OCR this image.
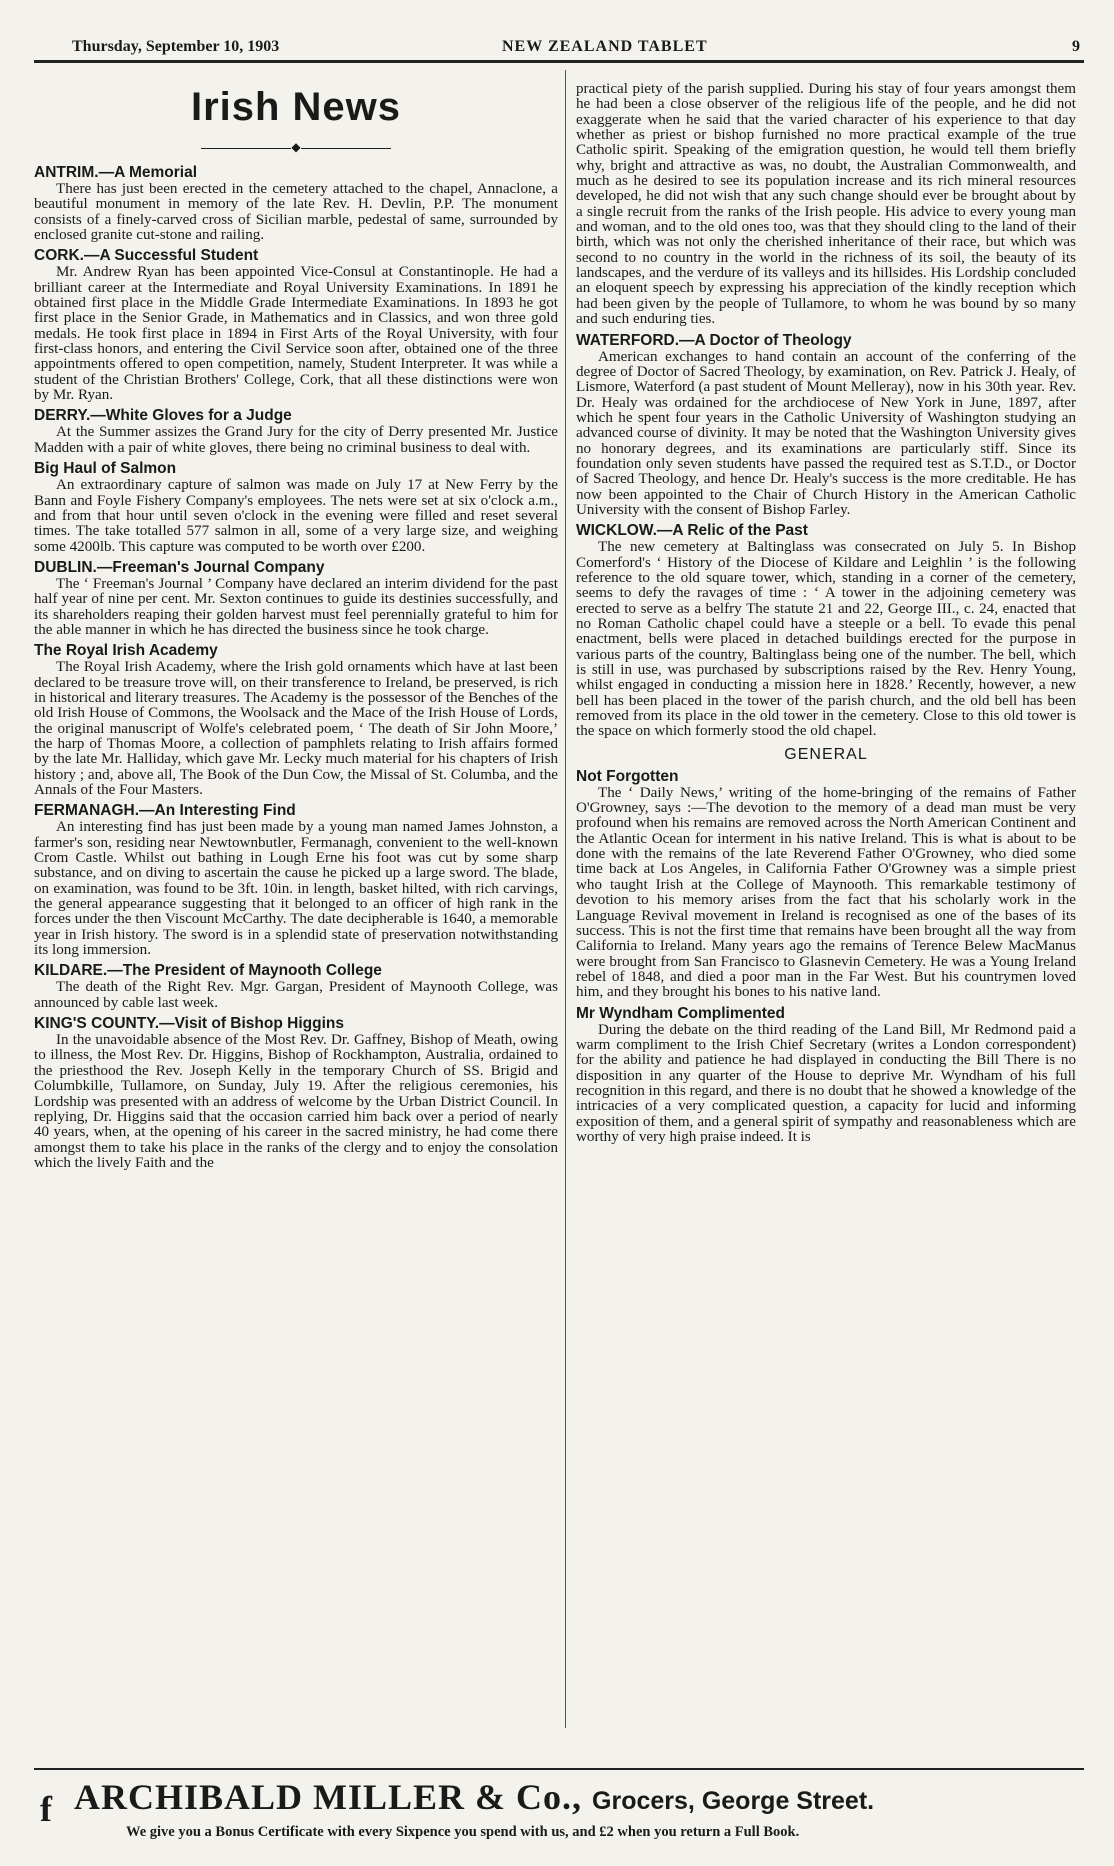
Thursday, September 10, 1903	NEW ZEALAND TABLET	9
Irish News
◆
ANTRIM.—A Memorial

There has just been erected in the cemetery attached to the chapel, Annaclone, a beautiful monument in memory of the late Rev. H. Devlin, P.P. The monument consists of a finely-carved cross of Sicilian marble, pedestal of same, surrounded by enclosed granite cut-stone and railing.

CORK.—A Successful Student

Mr. Andrew Ryan has been appointed Vice-Consul at Constantinople. He had a brilliant career at the Intermediate and Royal University Examinations. In 1891 he obtained first place in the Middle Grade Intermediate Examinations. In 1893 he got first place in the Senior Grade, in Mathematics and in Classics, and won three gold medals. He took first place in 1894 in First Arts of the Royal University, with four first-class honors, and entering the Civil Service soon after, obtained one of the three appointments offered to open competition, namely, Student Interpreter. It was while a student of the Christian Brothers' College, Cork, that all these distinctions were won by Mr. Ryan.

DERRY.—White Gloves for a Judge

At the Summer assizes the Grand Jury for the city of Derry presented Mr. Justice Madden with a pair of white gloves, there being no criminal business to deal with.

Big Haul of Salmon

An extraordinary capture of salmon was made on July 17 at New Ferry by the Bann and Foyle Fishery Company's employees. The nets were set at six o'clock a.m., and from that hour until seven o'clock in the evening were filled and reset several times. The take totalled 577 salmon in all, some of a very large size, and weighing some 4200lb. This capture was computed to be worth over £200.

DUBLIN.—Freeman's Journal Company

The ‘ Freeman's Journal ’ Company have declared an interim dividend for the past half year of nine per cent. Mr. Sexton continues to guide its destinies successfully, and its shareholders reaping their golden harvest must feel perennially grateful to him for the able manner in which he has directed the business since he took charge.

The Royal Irish Academy

The Royal Irish Academy, where the Irish gold ornaments which have at last been declared to be treasure trove will, on their transference to Ireland, be preserved, is rich in historical and literary treasures. The Academy is the possessor of the Benches of the old Irish House of Commons, the Woolsack and the Mace of the Irish House of Lords, the original manuscript of Wolfe's celebrated poem, ‘ The death of Sir John Moore,’ the harp of Thomas Moore, a collection of pamphlets relating to Irish affairs formed by the late Mr. Halliday, which gave Mr. Lecky much material for his chapters of Irish history ; and, above all, The Book of the Dun Cow, the Missal of St. Columba, and the Annals of the Four Masters.

FERMANAGH.—An Interesting Find

An interesting find has just been made by a young man named James Johnston, a farmer's son, residing near Newtownbutler, Fermanagh, convenient to the well-known Crom Castle. Whilst out bathing in Lough Erne his foot was cut by some sharp substance, and on diving to ascertain the cause he picked up a large sword. The blade, on examination, was found to be 3ft. 10in. in length, basket hilted, with rich carvings, the general appearance suggesting that it belonged to an officer of high rank in the forces under the then Viscount McCarthy. The date decipherable is 1640, a memorable year in Irish history. The sword is in a splendid state of preservation notwithstanding its long immersion.

KILDARE.—The President of Maynooth College

The death of the Right Rev. Mgr. Gargan, President of Maynooth College, was announced by cable last week.

KING'S COUNTY.—Visit of Bishop Higgins

In the unavoidable absence of the Most Rev. Dr. Gaffney, Bishop of Meath, owing to illness, the Most Rev. Dr. Higgins, Bishop of Rockhampton, Australia, ordained to the priesthood the Rev. Joseph Kelly in the temporary Church of SS. Brigid and Columbkille, Tullamore, on Sunday, July 19. After the religious ceremonies, his Lordship was presented with an address of welcome by the Urban District Council. In replying, Dr. Higgins said that the occasion carried him back over a period of nearly 40 years, when, at the opening of his career in the sacred ministry, he had come there amongst them to take his place in the ranks of the clergy and to enjoy the consolation which the lively Faith and the

practical piety of the parish supplied. During his stay of four years amongst them he had been a close observer of the religious life of the people, and he did not exaggerate when he said that the varied character of his experience to that day whether as priest or bishop furnished no more practical example of the true Catholic spirit. Speaking of the emigration question, he would tell them briefly why, bright and attractive as was, no doubt, the Australian Commonwealth, and much as he desired to see its population increase and its rich mineral resources developed, he did not wish that any such change should ever be brought about by a single recruit from the ranks of the Irish people. His advice to every young man and woman, and to the old ones too, was that they should cling to the land of their birth, which was not only the cherished inheritance of their race, but which was second to no country in the world in the richness of its soil, the beauty of its landscapes, and the verdure of its valleys and its hillsides. His Lordship concluded an eloquent speech by expressing his appreciation of the kindly reception which had been given by the people of Tullamore, to whom he was bound by so many and such enduring ties.

WATERFORD.—A Doctor of Theology

American exchanges to hand contain an account of the conferring of the degree of Doctor of Sacred Theology, by examination, on Rev. Patrick J. Healy, of Lismore, Waterford (a past student of Mount Melleray), now in his 30th year. Rev. Dr. Healy was ordained for the archdiocese of New York in June, 1897, after which he spent four years in the Catholic University of Washington studying an advanced course of divinity. It may be noted that the Washington University gives no honorary degrees, and its examinations are particularly stiff. Since its foundation only seven students have passed the required test as S.T.D., or Doctor of Sacred Theology, and hence Dr. Healy's success is the more creditable. He has now been appointed to the Chair of Church History in the American Catholic University with the consent of Bishop Farley.

WICKLOW.—A Relic of the Past

The new cemetery at Baltinglass was consecrated on July 5. In Bishop Comerford's ‘ History of the Diocese of Kildare and Leighlin ’ is the following reference to the old square tower, which, standing in a corner of the cemetery, seems to defy the ravages of time : ‘ A tower in the adjoining cemetery was erected to serve as a belfry The statute 21 and 22, George III., c. 24, enacted that no Roman Catholic chapel could have a steeple or a bell. To evade this penal enactment, bells were placed in detached buildings erected for the purpose in various parts of the country, Baltinglass being one of the number. The bell, which is still in use, was purchased by subscriptions raised by the Rev. Henry Young, whilst engaged in conducting a mission here in 1828.’ Recently, however, a new bell has been placed in the tower of the parish church, and the old bell has been removed from its place in the old tower in the cemetery. Close to this old tower is the space on which formerly stood the old chapel.

GENERAL
Not Forgotten

The ‘ Daily News,’ writing of the home-bringing of the remains of Father O'Growney, says :—The devotion to the memory of a dead man must be very profound when his remains are removed across the North American Continent and the Atlantic Ocean for interment in his native Ireland. This is what is about to be done with the remains of the late Reverend Father O'Growney, who died some time back at Los Angeles, in California Father O'Growney was a simple priest who taught Irish at the College of Maynooth. This remarkable testimony of devotion to his memory arises from the fact that his scholarly work in the Language Revival movement in Ireland is recognised as one of the bases of its success. This is not the first time that remains have been brought all the way from California to Ireland. Many years ago the remains of Terence Belew MacManus were brought from San Francisco to Glasnevin Cemetery. He was a Young Ireland rebel of 1848, and died a poor man in the Far West. But his countrymen loved him, and they brought his bones to his native land.

Mr Wyndham Complimented

During the debate on the third reading of the Land Bill, Mr Redmond paid a warm compliment to the Irish Chief Secretary (writes a London correspondent) for the ability and patience he had displayed in conducting the Bill There is no disposition in any quarter of the House to deprive Mr. Wyndham of his full recognition in this regard, and there is no doubt that he showed a knowledge of the intricacies of a very complicated question, a capacity for lucid and informing exposition of them, and a general spirit of sympathy and reasonableness which are worthy of very high praise indeed. It is

f ARCHIBALD MILLER & Co., Grocers, George Street.
We give you a Bonus Certificate with every Sixpence you spend with us, and £2 when you return a Full Book.
